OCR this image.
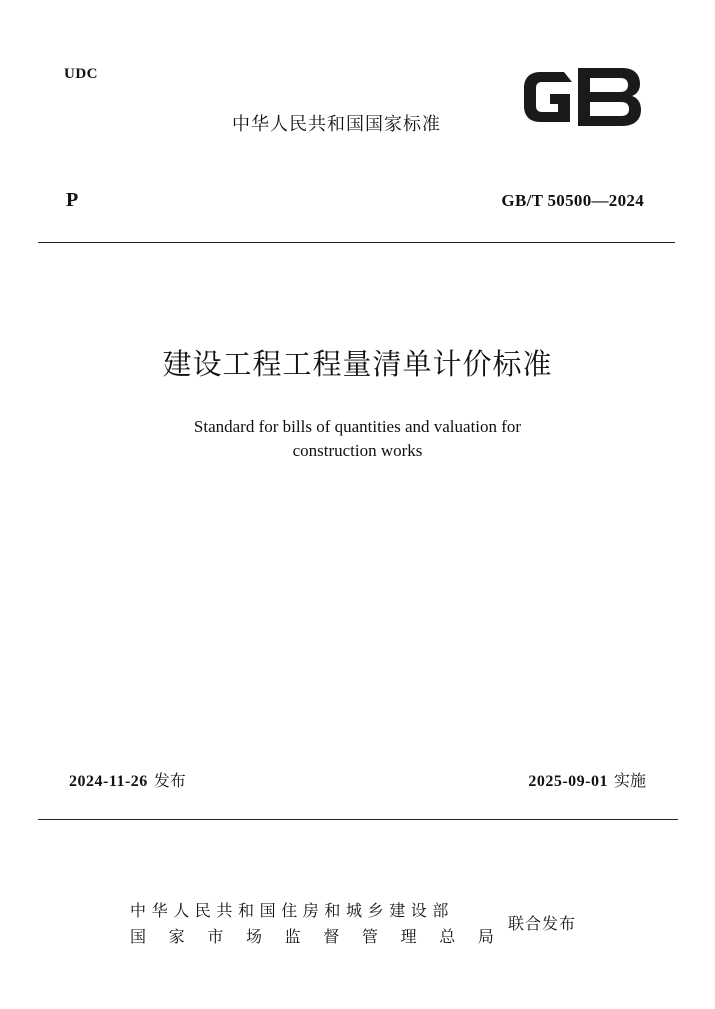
UDC
中华人民共和国国家标准
P	GB/T 50500—2024
建设工程工程量清单计价标准
Standard for bills of quantities and valuation for
construction works
2024-11-26 发布	2025-09-01 实施
中华人民共和国住房和城乡建设部
国 家 市 场 监 督 管 理 总 局
联合发布
